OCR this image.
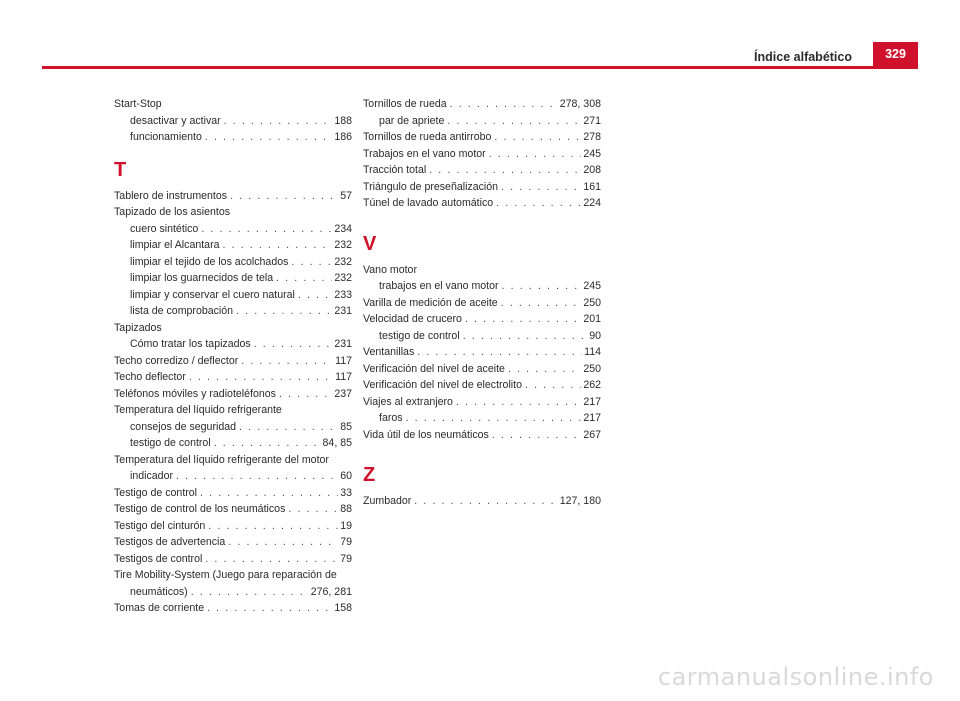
Índice alfabético	329
Start-Stop
desactivar y activar . . .	188
funcionamiento . . .	186
T
Tablero de instrumentos . . .	57
Tapizado de los asientos
cuero sintético . . .	234
limpiar el Alcantara . . .	232
limpiar el tejido de los acolchados . . .	232
limpiar los guarnecidos de tela . . .	232
limpiar y conservar el cuero natural . . .	233
lista de comprobación . . .	231
Tapizados
Cómo tratar los tapizados . . .	231
Techo corredizo / deflector . . .	117
Techo deflector . . .	117
Teléfonos móviles y radioteléfonos . . .	237
Temperatura del líquido refrigerante
consejos de seguridad . . .	85
testigo de control . . .	84, 85
Temperatura del líquido refrigerante del motor
indicador . . .	60
Testigo de control . . .	33
Testigo de control de los neumáticos . . .	88
Testigo del cinturón . . .	19
Testigos de advertencia . . .	79
Testigos de control . . .	79
Tire Mobility-System (Juego para reparación de
neumáticos) . . .	276, 281
Tomas de corriente . . .	158
Tornillos de rueda . . .	278, 308
par de apriete . . .	271
Tornillos de rueda antirrobo . . .	278
Trabajos en el vano motor . . .	245
Tracción total . . .	208
Triángulo de preseñalización . . .	161
Túnel de lavado automático . . .	224
V
Vano motor
trabajos en el vano motor . . .	245
Varilla de medición de aceite . . .	250
Velocidad de crucero . . .	201
testigo de control . . .	90
Ventanillas . . .	114
Verificación del nivel de aceite . . .	250
Verificación del nivel de electrolito . . .	262
Viajes al extranjero . . .	217
faros . . .	217
Vida útil de los neumáticos . . .	267
Z
Zumbador . . .	127, 180
carmanualsonline.info
